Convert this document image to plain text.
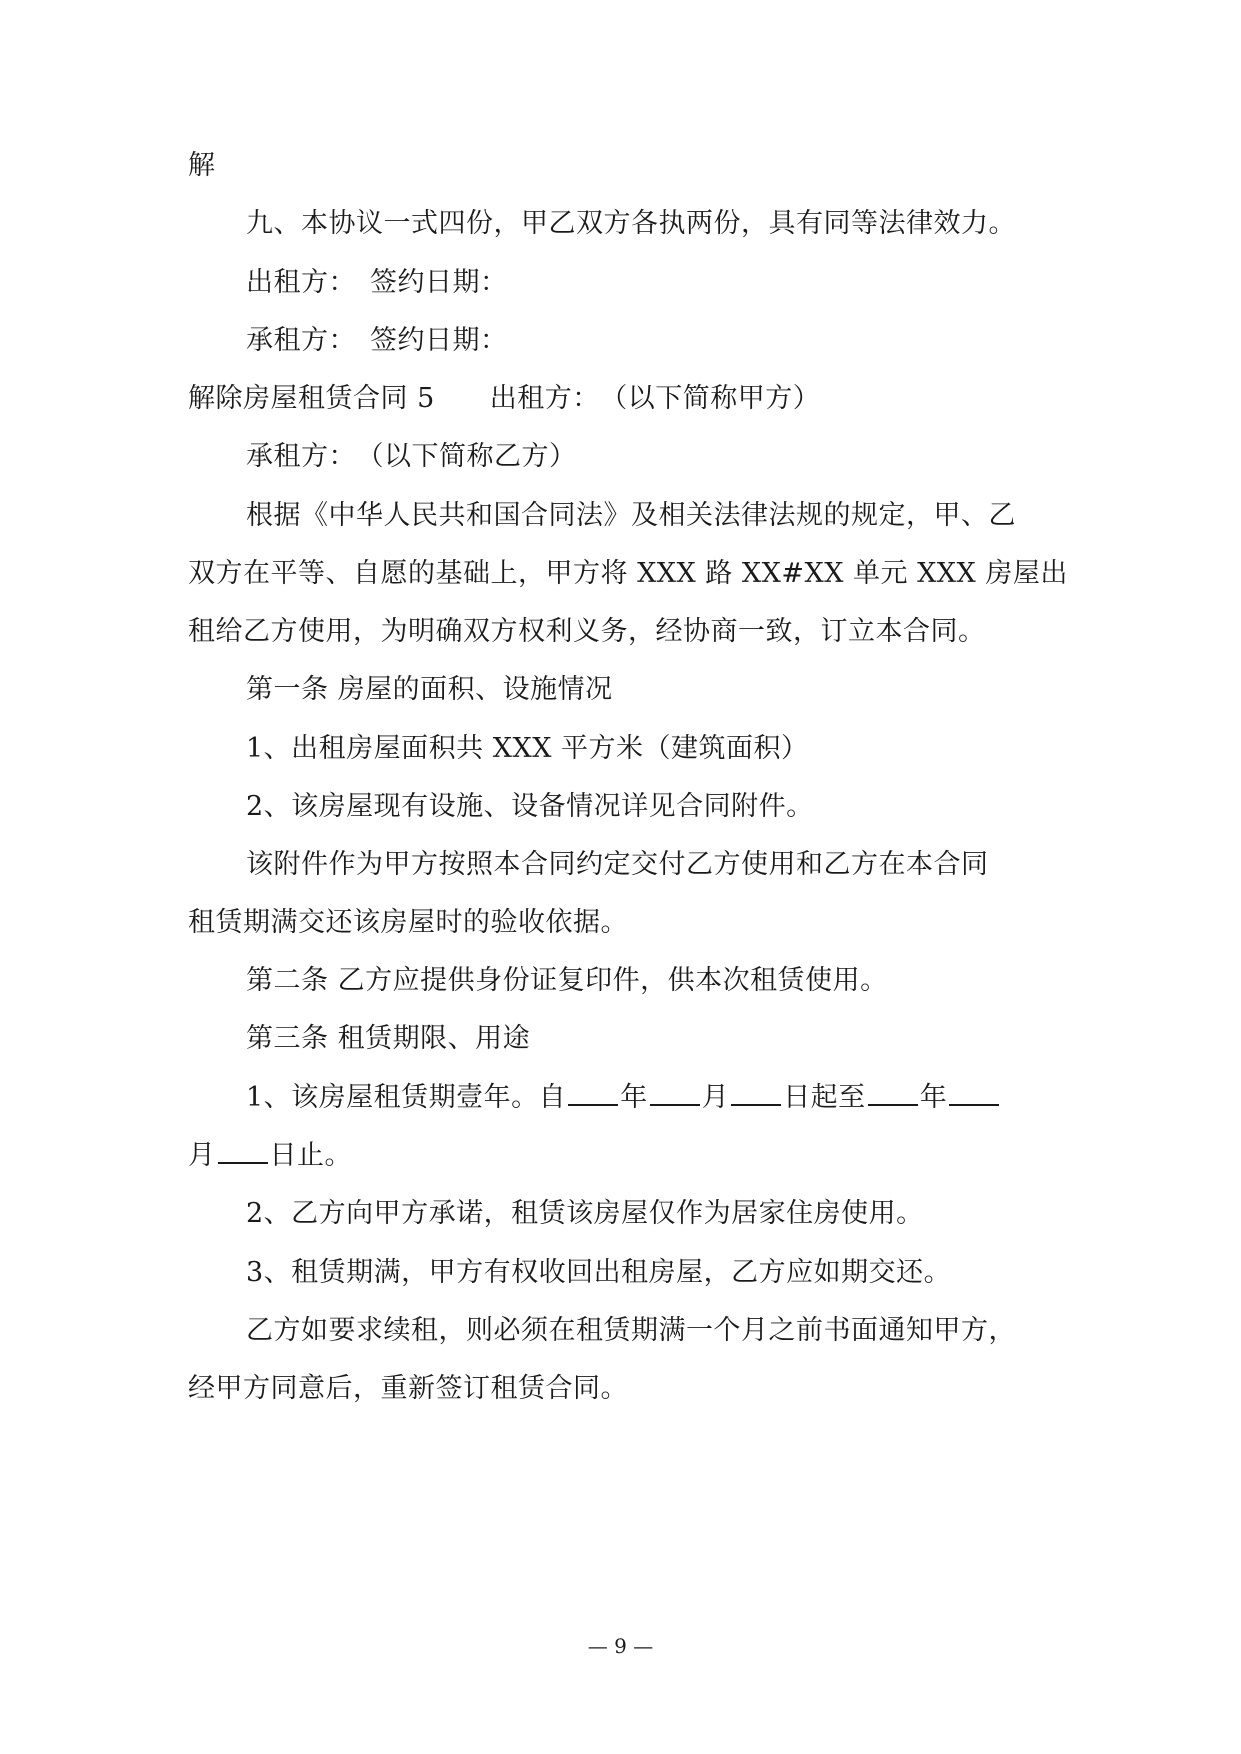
解
九、本协议一式四份，甲乙双方各执两份，具有同等法律效力。
出租方：　签约日期：
承租方：　签约日期：
解除房屋租赁合同 5　　出租方：　（以下简称甲方）
承租方：　（以下简称乙方）
根据《中华人民共和国合同法》及相关法律法规的规定，甲、乙
双方在平等、自愿的基础上，甲方将 XXX 路 XX#XX 单元 XXX 房屋出
租给乙方使用，为明确双方权利义务，经协商一致，订立本合同。
第一条 房屋的面积、设施情况
1、出租房屋面积共 XXX 平方米（建筑面积）
2、该房屋现有设施、设备情况详见合同附件。
该附件作为甲方按照本合同约定交付乙方使用和乙方在本合同
租赁期满交还该房屋时的验收依据。
第二条 乙方应提供身份证复印件，供本次租赁使用。
第三条 租赁期限、用途
1、该房屋租赁期壹年。自 年 月 日起至 年
月 日止。
2、乙方向甲方承诺，租赁该房屋仅作为居家住房使用。
3、租赁期满，甲方有权收回出租房屋，乙方应如期交还。
乙方如要求续租，则必须在租赁期满一个月之前书面通知甲方，
经甲方同意后，重新签订租赁合同。
— 9 —
